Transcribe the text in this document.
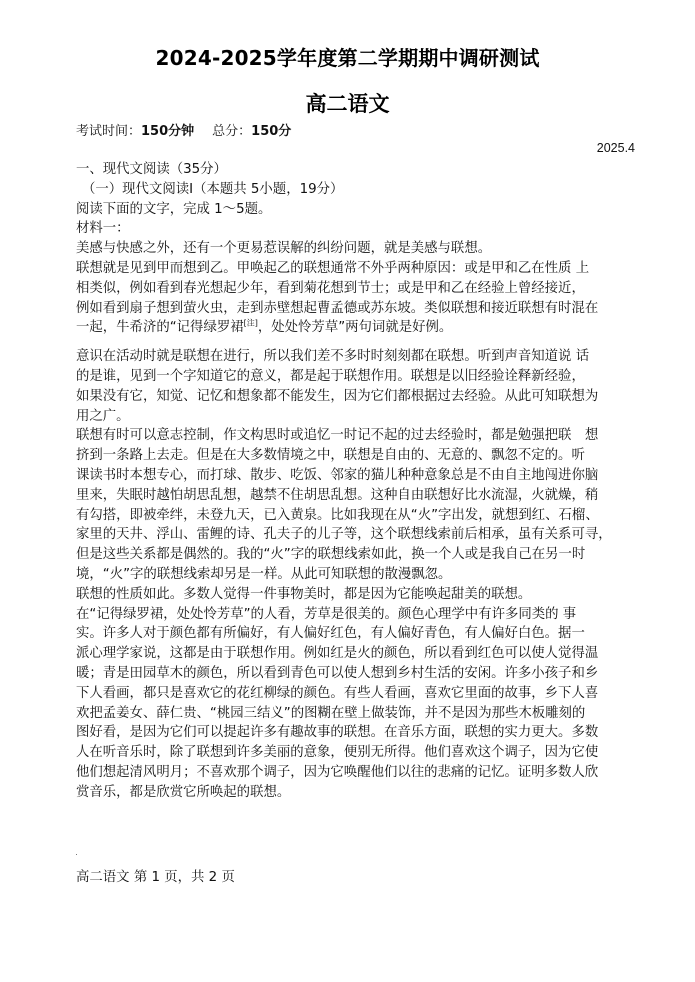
2024-2025学年度第二学期期中调研测试
高二语文
考试时间：150分钟 总分：150分
2025.4
一、现代文阅读（35分）
（一）现代文阅读Ⅰ（本题共 5小题，19分）
阅读下面的文字，完成 1～5题。
材料一：
美感与快感之外，还有一个更易惹误解的纠纷问题，就是美感与联想。
联想就是见到甲而想到乙。甲唤起乙的联想通常不外乎两种原因：或是甲和乙在性质 上
相类似，例如看到春光想起少年，看到菊花想到节士；或是甲和乙在经验上曾经接近，
例如看到扇子想到萤火虫，走到赤壁想起曹孟德或苏东坡。类似联想和接近联想有时混在
一起，牛希济的“记得绿罗裙[注]，处处怜芳草”两句词就是好例。
意识在活动时就是联想在进行，所以我们差不多时时刻刻都在联想。听到声音知道说 话
的是谁，见到一个字知道它的意义，都是起于联想作用。联想是以旧经验诠释新经验，
如果没有它，知觉、记忆和想象都不能发生，因为它们都根据过去经验。从此可知联想为
用之广。
联想有时可以意志控制，作文构思时或追忆一时记不起的过去经验时，都是勉强把联　想
挤到一条路上去走。但是在大多数情境之中，联想是自由的、无意的、飘忽不定的。听
课读书时本想专心，而打球、散步、吃饭、邻家的猫儿种种意象总是不由自主地闯进你脑
里来，失眠时越怕胡思乱想，越禁不住胡思乱想。这种自由联想好比水流湿，火就燥，稍
有勾搭，即被牵绊，未登九天，已入黄泉。比如我现在从“火”字出发，就想到红、石榴、
家里的天井、浮山、雷鲤的诗、孔夫子的儿子等，这个联想线索前后相承，虽有关系可寻，
但是这些关系都是偶然的。我的“火”字的联想线索如此，换一个人或是我自己在另一时
境，“火”字的联想线索却另是一样。从此可知联想的散漫飘忽。
联想的性质如此。多数人觉得一件事物美时，都是因为它能唤起甜美的联想。
在“记得绿罗裙，处处怜芳草”的人看，芳草是很美的。颜色心理学中有许多同类的 事
实。许多人对于颜色都有所偏好，有人偏好红色，有人偏好青色，有人偏好白色。据一
派心理学家说，这都是由于联想作用。例如红是火的颜色，所以看到红色可以使人觉得温
暖；青是田园草木的颜色，所以看到青色可以使人想到乡村生活的安闲。许多小孩子和乡
下人看画，都只是喜欢它的花红柳绿的颜色。有些人看画，喜欢它里面的故事，乡下人喜
欢把孟姜女、薛仁贵、“桃园三结义”的图糊在壁上做装饰，并不是因为那些木板雕刻的
图好看，是因为它们可以提起许多有趣故事的联想。在音乐方面，联想的实力更大。多数
人在听音乐时，除了联想到许多美丽的意象，便别无所得。他们喜欢这个调子，因为它使
他们想起清风明月；不喜欢那个调子，因为它唤醒他们以往的悲痛的记忆。证明多数人欣
赏音乐，都是欣赏它所唤起的联想。
高二语文 第 1 页，共 2 页
